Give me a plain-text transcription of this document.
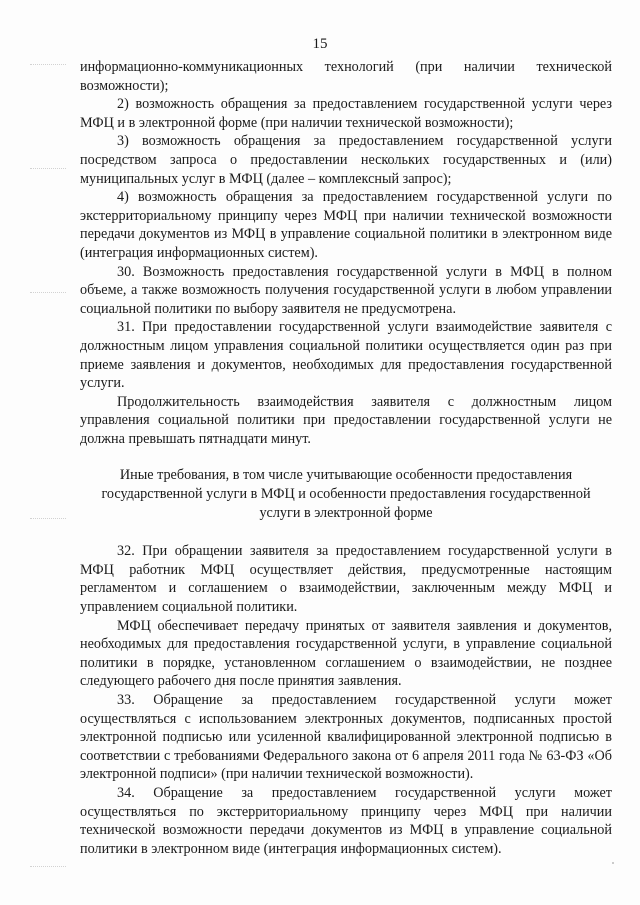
15

информационно-коммуникационных технологий (при наличии технической возможности);

2) возможность обращения за предоставлением государственной услуги через МФЦ и в электронной форме (при наличии технической возможности);

3) возможность обращения за предоставлением государственной услуги посредством запроса о предоставлении нескольких государственных и (или) муниципальных услуг в МФЦ (далее – комплексный запрос);

4) возможность обращения за предоставлением государственной услуги по экстерриториальному принципу через МФЦ при наличии технической возможности передачи документов из МФЦ в управление социальной политики в электронном виде (интеграция информационных систем).

30. Возможность предоставления государственной услуги в МФЦ в полном объеме, а также возможность получения государственной услуги в любом управлении социальной политики по выбору заявителя не предусмотрена.

31. При предоставлении государственной услуги взаимодействие заявителя с должностным лицом управления социальной политики осуществляется один раз при приеме заявления и документов, необходимых для предоставления государственной услуги.

Продолжительность взаимодействия заявителя с должностным лицом управления социальной политики при предоставлении государственной услуги не должна превышать пятнадцати минут.

Иные требования, в том числе учитывающие особенности предоставления государственной услуги в МФЦ и особенности предоставления государственной услуги в электронной форме

32. При обращении заявителя за предоставлением государственной услуги в МФЦ работник МФЦ осуществляет действия, предусмотренные настоящим регламентом и соглашением о взаимодействии, заключенным между МФЦ и управлением социальной политики.

МФЦ обеспечивает передачу принятых от заявителя заявления и документов, необходимых для предоставления государственной услуги, в управление социальной политики в порядке, установленном соглашением о взаимодействии, не позднее следующего рабочего дня после принятия заявления.

33. Обращение за предоставлением государственной услуги может осуществляться с использованием электронных документов, подписанных простой электронной подписью или усиленной квалифицированной электронной подписью в соответствии с требованиями Федерального закона от 6 апреля 2011 года № 63-ФЗ «Об электронной подписи» (при наличии технической возможности).

34. Обращение за предоставлением государственной услуги может осуществляться по экстерриториальному принципу через МФЦ при наличии технической возможности передачи документов из МФЦ в управление социальной политики в электронном виде (интеграция информационных систем).
